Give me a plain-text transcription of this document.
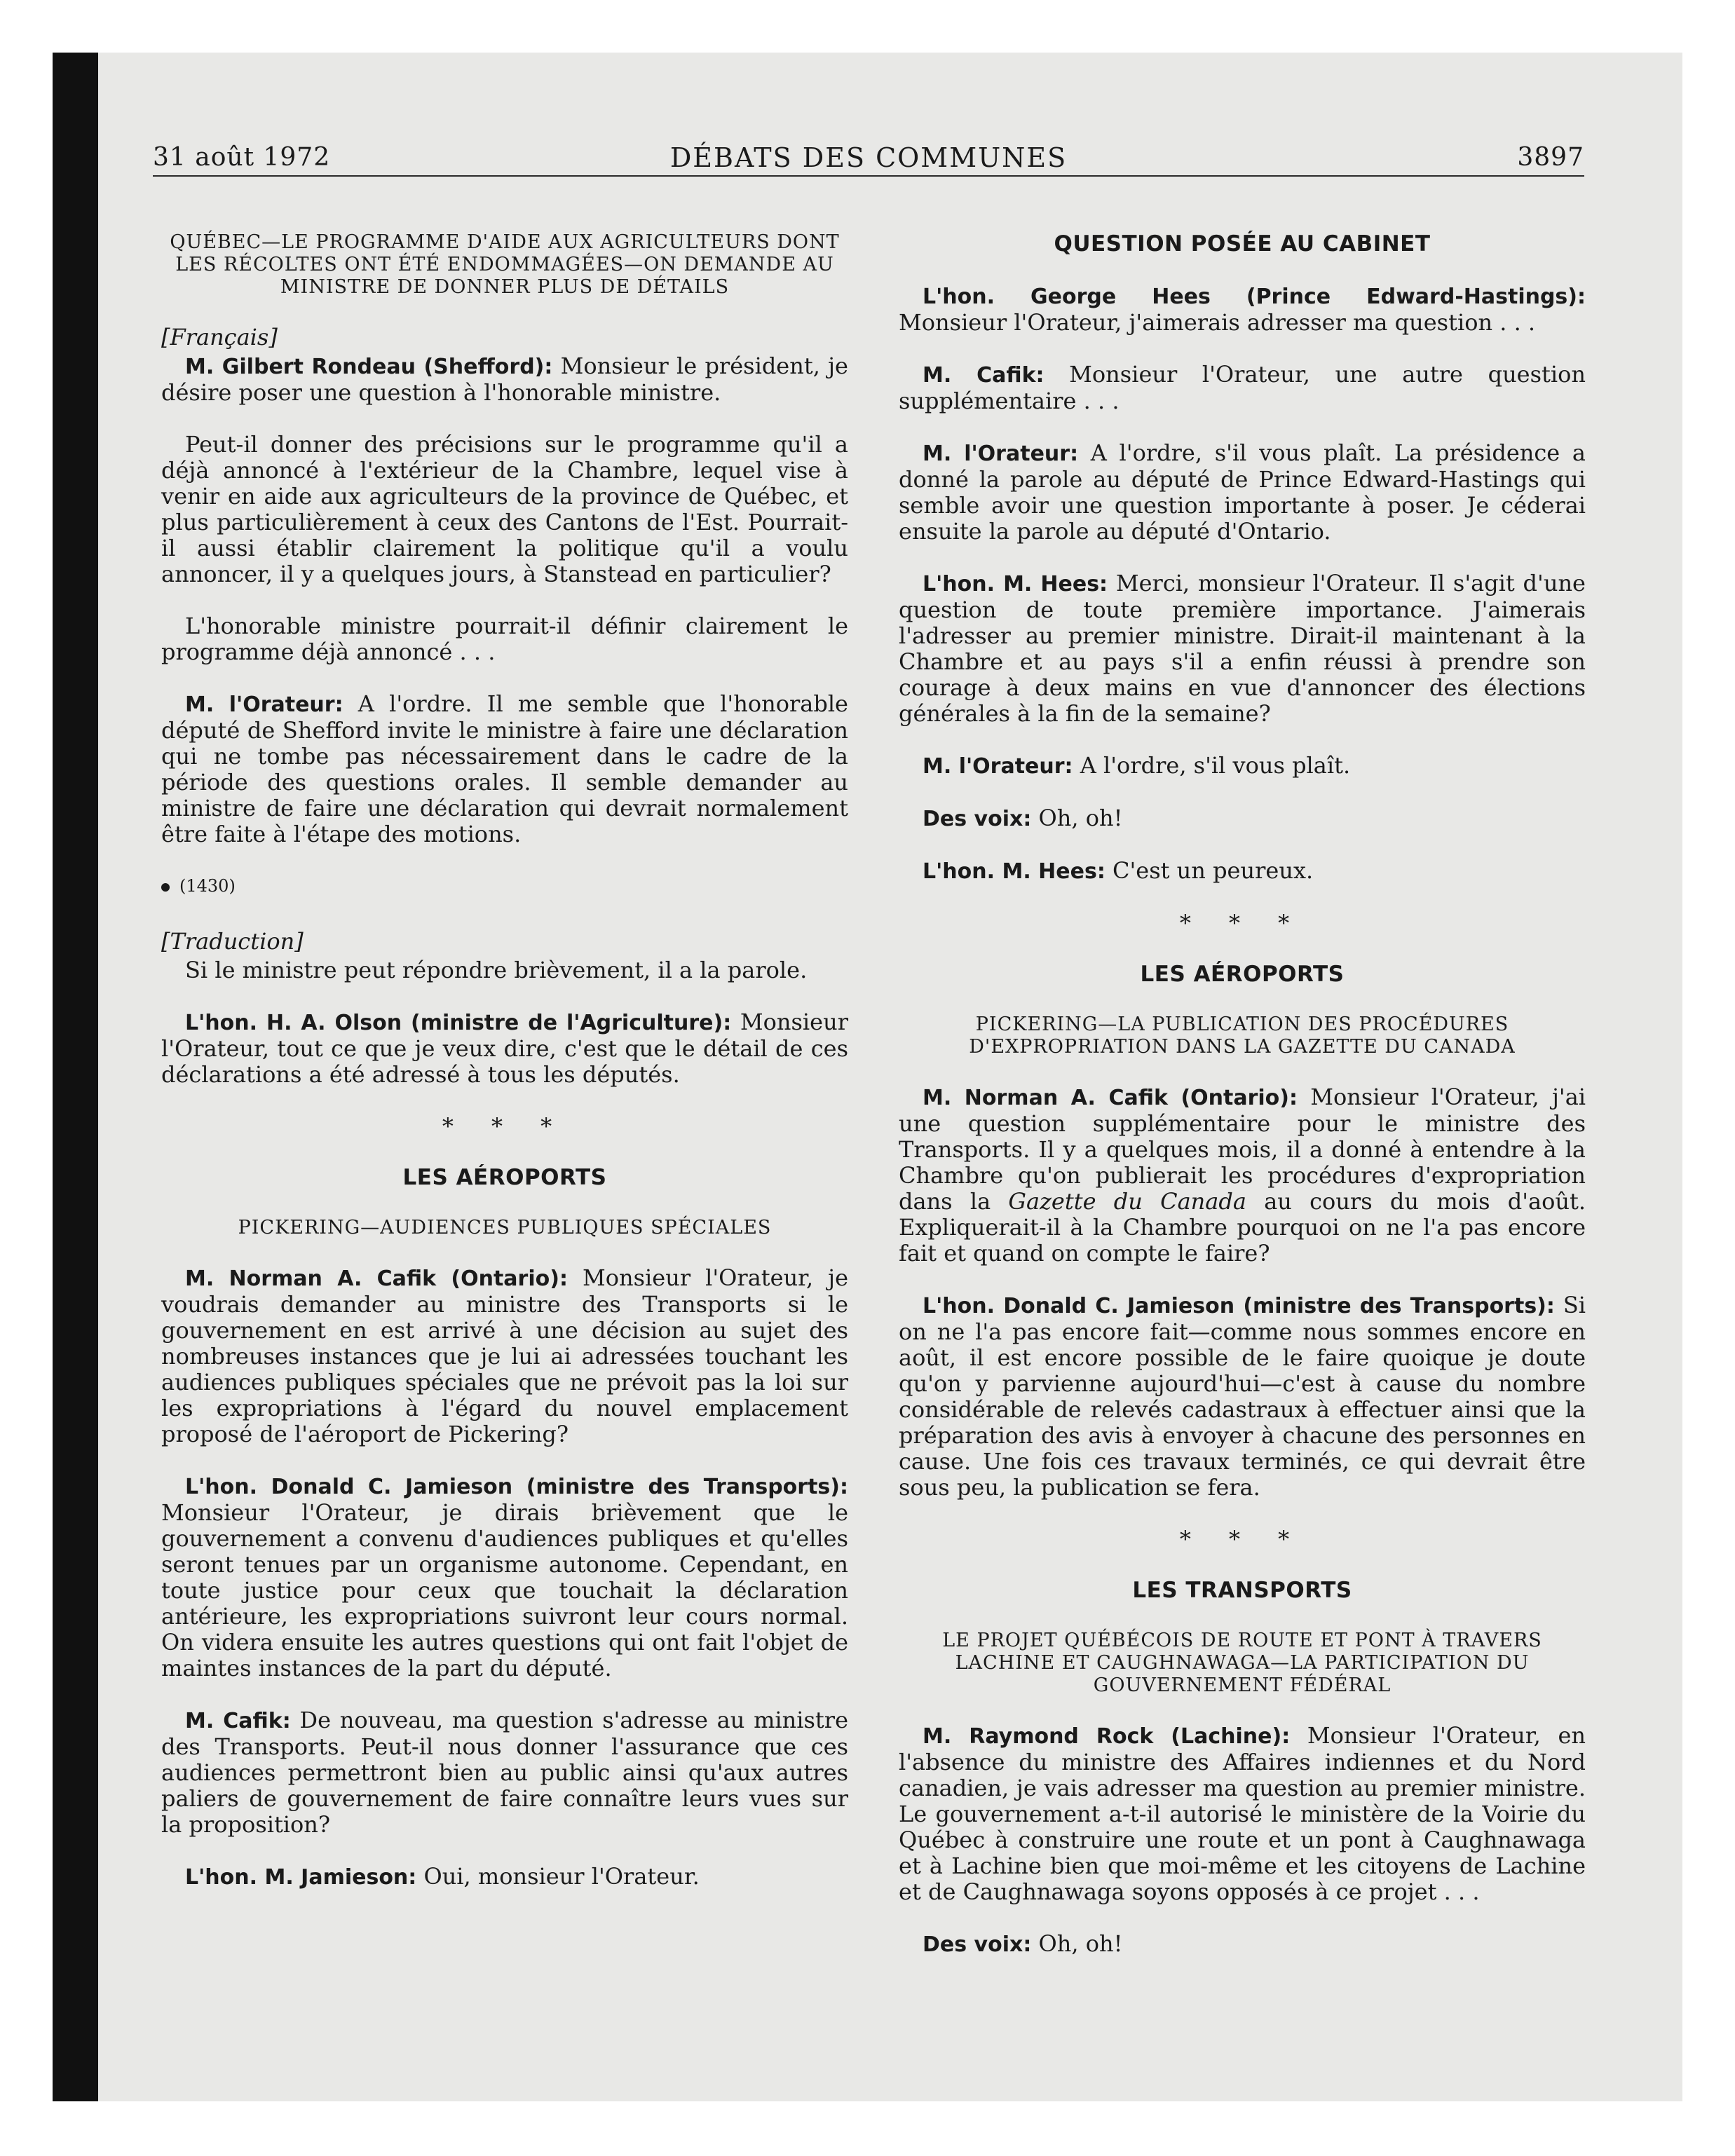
31 août 1972	DÉBATS DES COMMUNES	3897

QUÉBEC—LE PROGRAMME D'AIDE AUX AGRICULTEURS DONT LES RÉCOLTES ONT ÉTÉ ENDOMMAGÉES—ON DEMANDE AU MINISTRE DE DONNER PLUS DE DÉTAILS

[Français]

M. Gilbert Rondeau (Shefford): Monsieur le président, je désire poser une question à l'honorable ministre.

Peut-il donner des précisions sur le programme qu'il a déjà annoncé à l'extérieur de la Chambre, lequel vise à venir en aide aux agriculteurs de la province de Québec, et plus particulièrement à ceux des Cantons de l'Est. Pourrait-il aussi établir clairement la politique qu'il a voulu annoncer, il y a quelques jours, à Stanstead en particulier?

L'honorable ministre pourrait-il définir clairement le programme déjà annoncé . . .

M. l'Orateur: A l'ordre. Il me semble que l'honorable député de Shefford invite le ministre à faire une déclaration qui ne tombe pas nécessairement dans le cadre de la période des questions orales. Il semble demander au ministre de faire une déclaration qui devrait normalement être faite à l'étape des motions.

(1430)

[Traduction]

Si le ministre peut répondre brièvement, il a la parole.

L'hon. H. A. Olson (ministre de l'Agriculture): Monsieur l'Orateur, tout ce que je veux dire, c'est que le détail de ces déclarations a été adressé à tous les députés.

* * *

LES AÉROPORTS

PICKERING—AUDIENCES PUBLIQUES SPÉCIALES

M. Norman A. Cafik (Ontario): Monsieur l'Orateur, je voudrais demander au ministre des Transports si le gouvernement en est arrivé à une décision au sujet des nombreuses instances que je lui ai adressées touchant les audiences publiques spéciales que ne prévoit pas la loi sur les expropriations à l'égard du nouvel emplacement proposé de l'aéroport de Pickering?

L'hon. Donald C. Jamieson (ministre des Transports): Monsieur l'Orateur, je dirais brièvement que le gouvernement a convenu d'audiences publiques et qu'elles seront tenues par un organisme autonome. Cependant, en toute justice pour ceux que touchait la déclaration antérieure, les expropriations suivront leur cours normal. On videra ensuite les autres questions qui ont fait l'objet de maintes instances de la part du député.

M. Cafik: De nouveau, ma question s'adresse au ministre des Transports. Peut-il nous donner l'assurance que ces audiences permettront bien au public ainsi qu'aux autres paliers de gouvernement de faire connaître leurs vues sur la proposition?

L'hon. M. Jamieson: Oui, monsieur l'Orateur.

QUESTION POSÉE AU CABINET

L'hon. George Hees (Prince Edward-Hastings): Monsieur l'Orateur, j'aimerais adresser ma question . . .

M. Cafik: Monsieur l'Orateur, une autre question supplémentaire . . .

M. l'Orateur: A l'ordre, s'il vous plaît. La présidence a donné la parole au député de Prince Edward-Hastings qui semble avoir une question importante à poser. Je céderai ensuite la parole au député d'Ontario.

L'hon. M. Hees: Merci, monsieur l'Orateur. Il s'agit d'une question de toute première importance. J'aimerais l'adresser au premier ministre. Dirait-il maintenant à la Chambre et au pays s'il a enfin réussi à prendre son courage à deux mains en vue d'annoncer des élections générales à la fin de la semaine?

M. l'Orateur: A l'ordre, s'il vous plaît.

Des voix: Oh, oh!

L'hon. M. Hees: C'est un peureux.

* * *

LES AÉROPORTS

PICKERING—LA PUBLICATION DES PROCÉDURES D'EXPROPRIATION DANS LA GAZETTE DU CANADA

M. Norman A. Cafik (Ontario): Monsieur l'Orateur, j'ai une question supplémentaire pour le ministre des Transports. Il y a quelques mois, il a donné à entendre à la Chambre qu'on publierait les procédures d'expropriation dans la Gazette du Canada au cours du mois d'août. Expliquerait-il à la Chambre pourquoi on ne l'a pas encore fait et quand on compte le faire?

L'hon. Donald C. Jamieson (ministre des Transports): Si on ne l'a pas encore fait—comme nous sommes encore en août, il est encore possible de le faire quoique je doute qu'on y parvienne aujourd'hui—c'est à cause du nombre considérable de relevés cadastraux à effectuer ainsi que la préparation des avis à envoyer à chacune des personnes en cause. Une fois ces travaux terminés, ce qui devrait être sous peu, la publication se fera.

* * *

LES TRANSPORTS

LE PROJET QUÉBÉCOIS DE ROUTE ET PONT À TRAVERS LACHINE ET CAUGHNAWAGA—LA PARTICIPATION DU GOUVERNEMENT FÉDÉRAL

M. Raymond Rock (Lachine): Monsieur l'Orateur, en l'absence du ministre des Affaires indiennes et du Nord canadien, je vais adresser ma question au premier ministre. Le gouvernement a-t-il autorisé le ministère de la Voirie du Québec à construire une route et un pont à Caughnawaga et à Lachine bien que moi-même et les citoyens de Lachine et de Caughnawaga soyons opposés à ce projet . . .

Des voix: Oh, oh!
